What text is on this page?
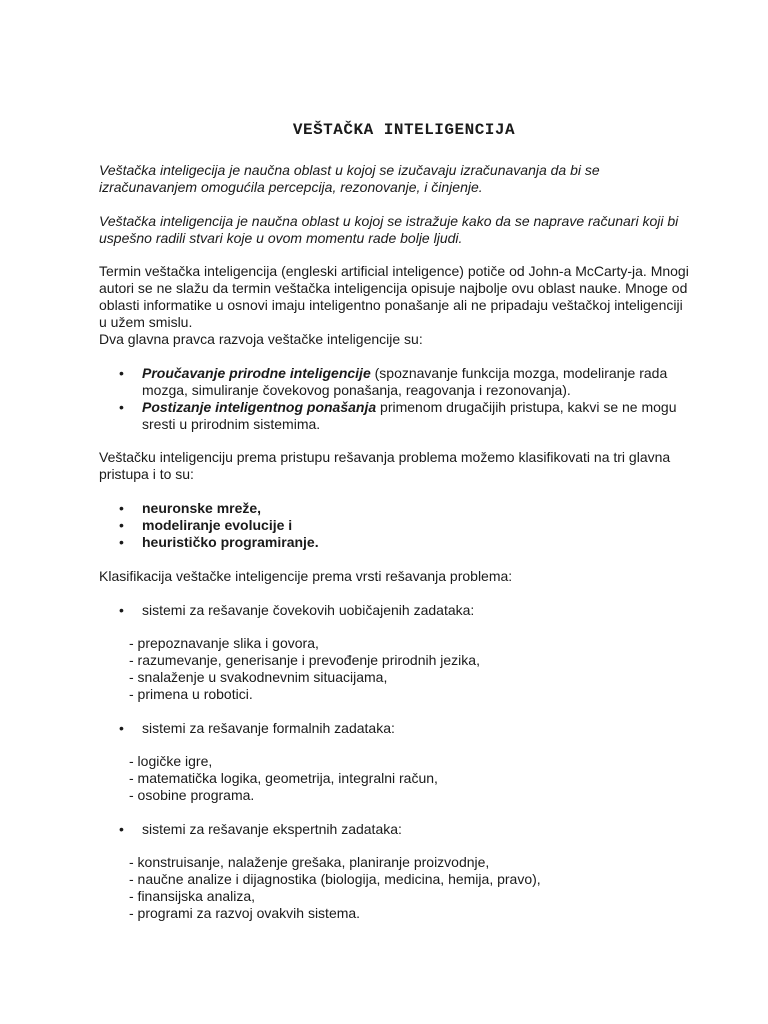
VEŠTAČKA INTELIGENCIJA
Veštačka inteligecija je naučna oblast u kojoj se izučavaju izračunavanja da bi se
izračunavanjem omogućila percepcija, rezonovanje, i činjenje.
Veštačka inteligencija je naučna oblast u kojoj se istražuje kako da se naprave računari koji bi
uspešno radili stvari koje u ovom momentu rade bolje ljudi.
Termin veštačka inteligencija (engleski artificial inteligence) potiče od John-a McCarty-ja. Mnogi
autori se ne slažu da termin veštačka inteligencija opisuje najbolje ovu oblast nauke. Mnoge od
oblasti informatike u osnovi imaju inteligentno ponašanje ali ne pripadaju veštačkoj inteligenciji
u užem smislu.
Dva glavna pravca razvoja veštačke inteligencije su:
• Proučavanje prirodne inteligencije (spoznavanje funkcija mozga, modeliranje rada
mozga, simuliranje čovekovog ponašanja, reagovanja i rezonovanja).
• Postizanje inteligentnog ponašanja primenom drugačijih pristupa, kakvi se ne mogu
sresti u prirodnim sistemima.
Veštačku inteligenciju prema pristupu rešavanja problema možemo klasifikovati na tri glavna
pristupa i to su:
• neuronske mreže,
• modeliranje evolucije i
• heurističko programiranje.
Klasifikacija veštačke inteligencije prema vrsti rešavanja problema:
• sistemi za rešavanje čovekovih uobičajenih zadataka:
- prepoznavanje slika i govora,
- razumevanje, generisanje i prevođenje prirodnih jezika,
- snalaženje u svakodnevnim situacijama,
- primena u robotici.
• sistemi za rešavanje formalnih zadataka:
- logičke igre,
- matematička logika, geometrija, integralni račun,
- osobine programa.
• sistemi za rešavanje ekspertnih zadataka:
- konstruisanje, nalaženje grešaka, planiranje proizvodnje,
- naučne analize i dijagnostika (biologija, medicina, hemija, pravo),
- finansijska analiza,
- programi za razvoj ovakvih sistema.
